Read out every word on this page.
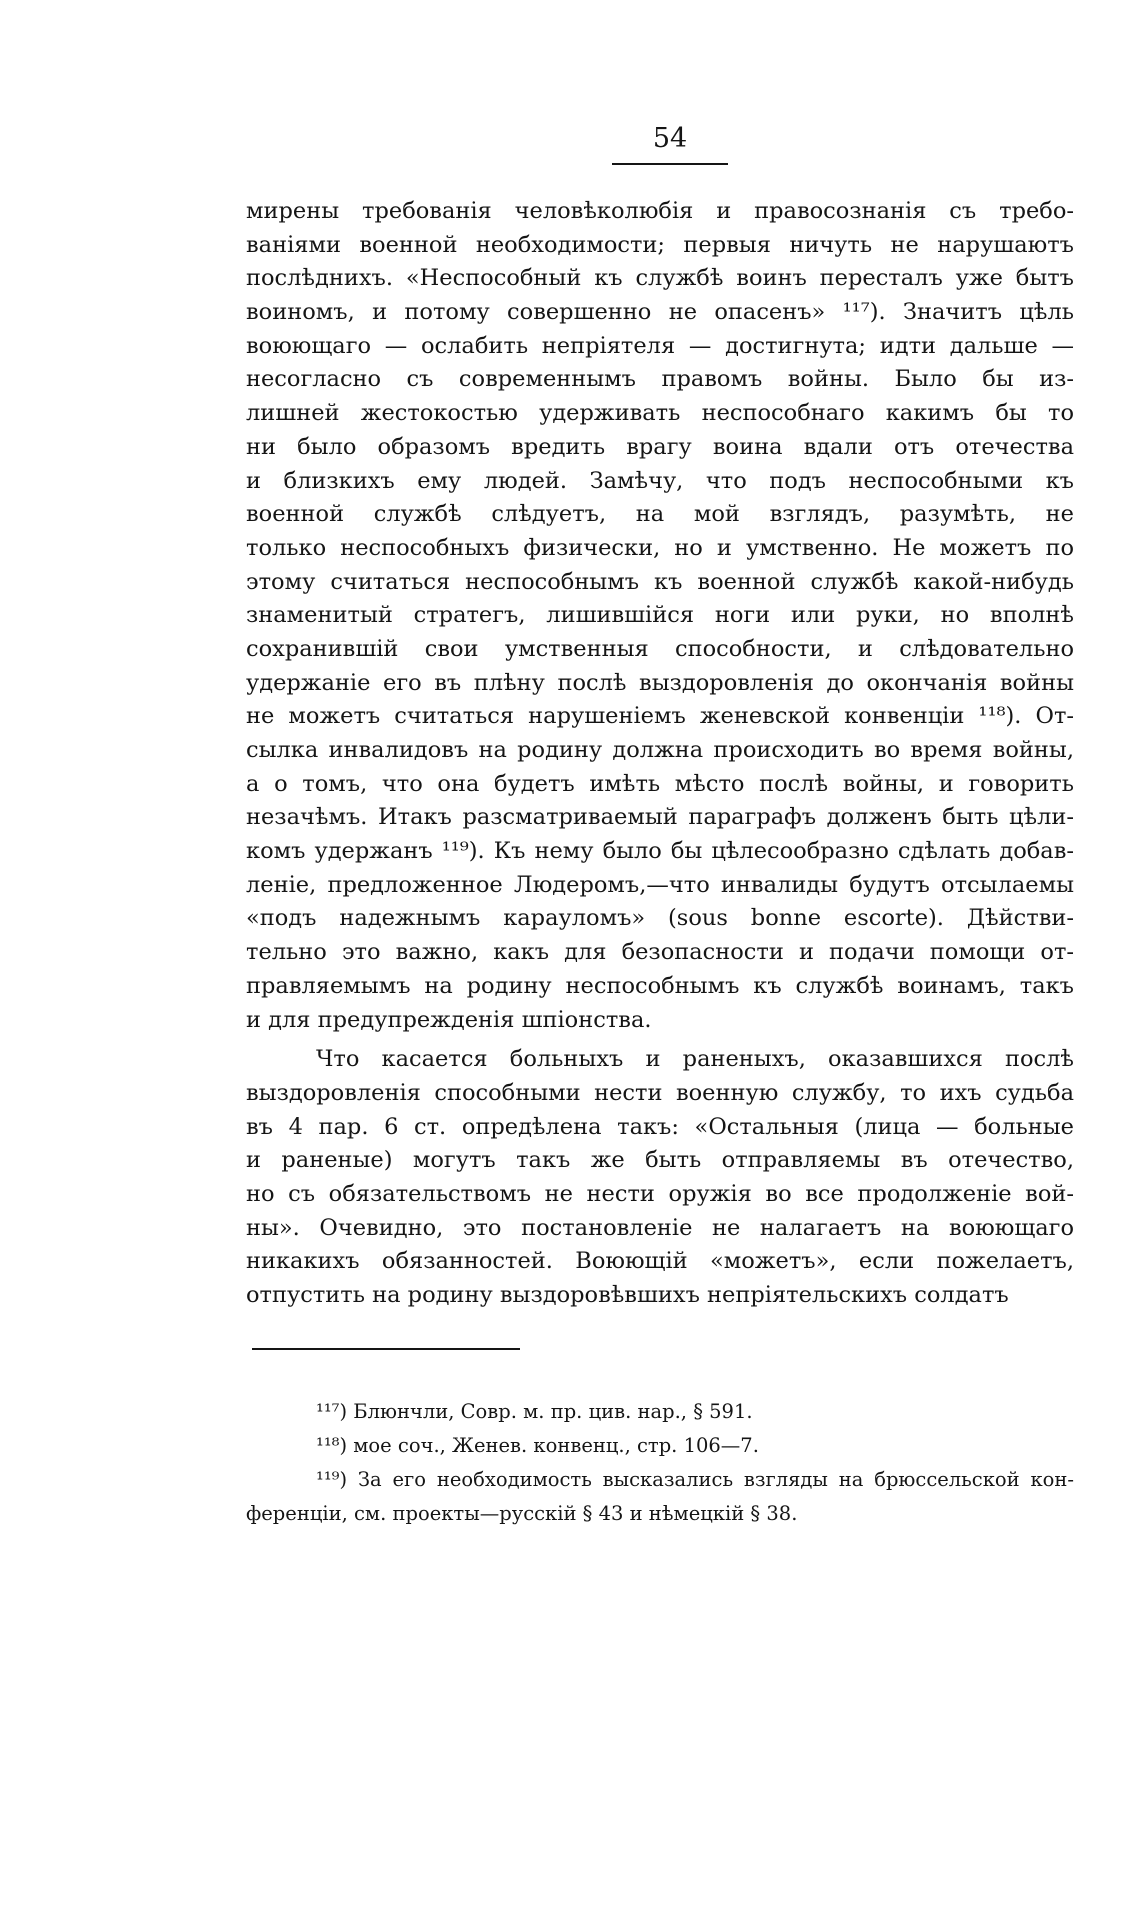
54
мирены требованія человѣколюбія и правосознанія съ требо-
ваніями военной необходимости; первыя ничуть не нарушаютъ
послѣднихъ. «Неспособный къ службѣ воинъ пересталъ уже бытъ
воиномъ, и потому совершенно не опасенъ» ¹¹⁷). Значитъ цѣль
воюющаго — ослабить непріятеля — достигнута; идти дальше —
несогласно съ современнымъ правомъ войны. Было бы из-
лишней жестокостью удерживать неспособнаго какимъ бы то
ни было образомъ вредить врагу воина вдали отъ отечества
и близкихъ ему людей. Замѣчу, что подъ неспособными къ
военной службѣ слѣдуетъ, на мой взглядъ, разумѣть, не
только неспособныхъ физически, но и умственно. Не можетъ по
этому считаться неспособнымъ къ военной службѣ какой-нибудь
знаменитый стратегъ, лишившійся ноги или руки, но вполнѣ
сохранившій свои умственныя способности, и слѣдовательно
удержаніе его въ плѣну послѣ выздоровленія до окончанія войны
не можетъ считаться нарушеніемъ женевской конвенціи ¹¹⁸). От-
сылка инвалидовъ на родину должна происходить во время войны,
а о томъ, что она будетъ имѣть мѣсто послѣ войны, и говорить
незачѣмъ. Итакъ разсматриваемый параграфъ долженъ быть цѣли-
комъ удержанъ ¹¹⁹). Къ нему было бы цѣлесообразно сдѣлать добав-
леніе, предложенное Людеромъ,—что инвалиды будутъ отсылаемы
«подъ надежнымъ карауломъ» (sous bonne escorte). Дѣйстви-
тельно это важно, какъ для безопасности и подачи помощи от-
правляемымъ на родину неспособнымъ къ службѣ воинамъ, такъ
и для предупрежденія шпіонства.
Что касается больныхъ и раненыхъ, оказавшихся послѣ
выздоровленія способными нести военную службу, то ихъ судьба
въ 4 пар. 6 ст. опредѣлена такъ: «Остальныя (лица — больные
и раненые) могутъ такъ же быть отправляемы въ отечество,
но съ обязательствомъ не нести оружія во все продолженіе вой-
ны». Очевидно, это постановленіе не налагаетъ на воюющаго
никакихъ обязанностей. Воюющій «можетъ», если пожелаетъ,
отпустить на родину выздоровѣвшихъ непріятельскихъ солдатъ
¹¹⁷) Блюнчли, Совр. м. пр. цив. нар., § 591.
¹¹⁸) мое соч., Женев. конвенц., стр. 106—7.
¹¹⁹) За его необходимость высказались взгляды на брюссельской кон-
ференціи, см. проекты—русскій § 43 и нѣмецкій § 38.
